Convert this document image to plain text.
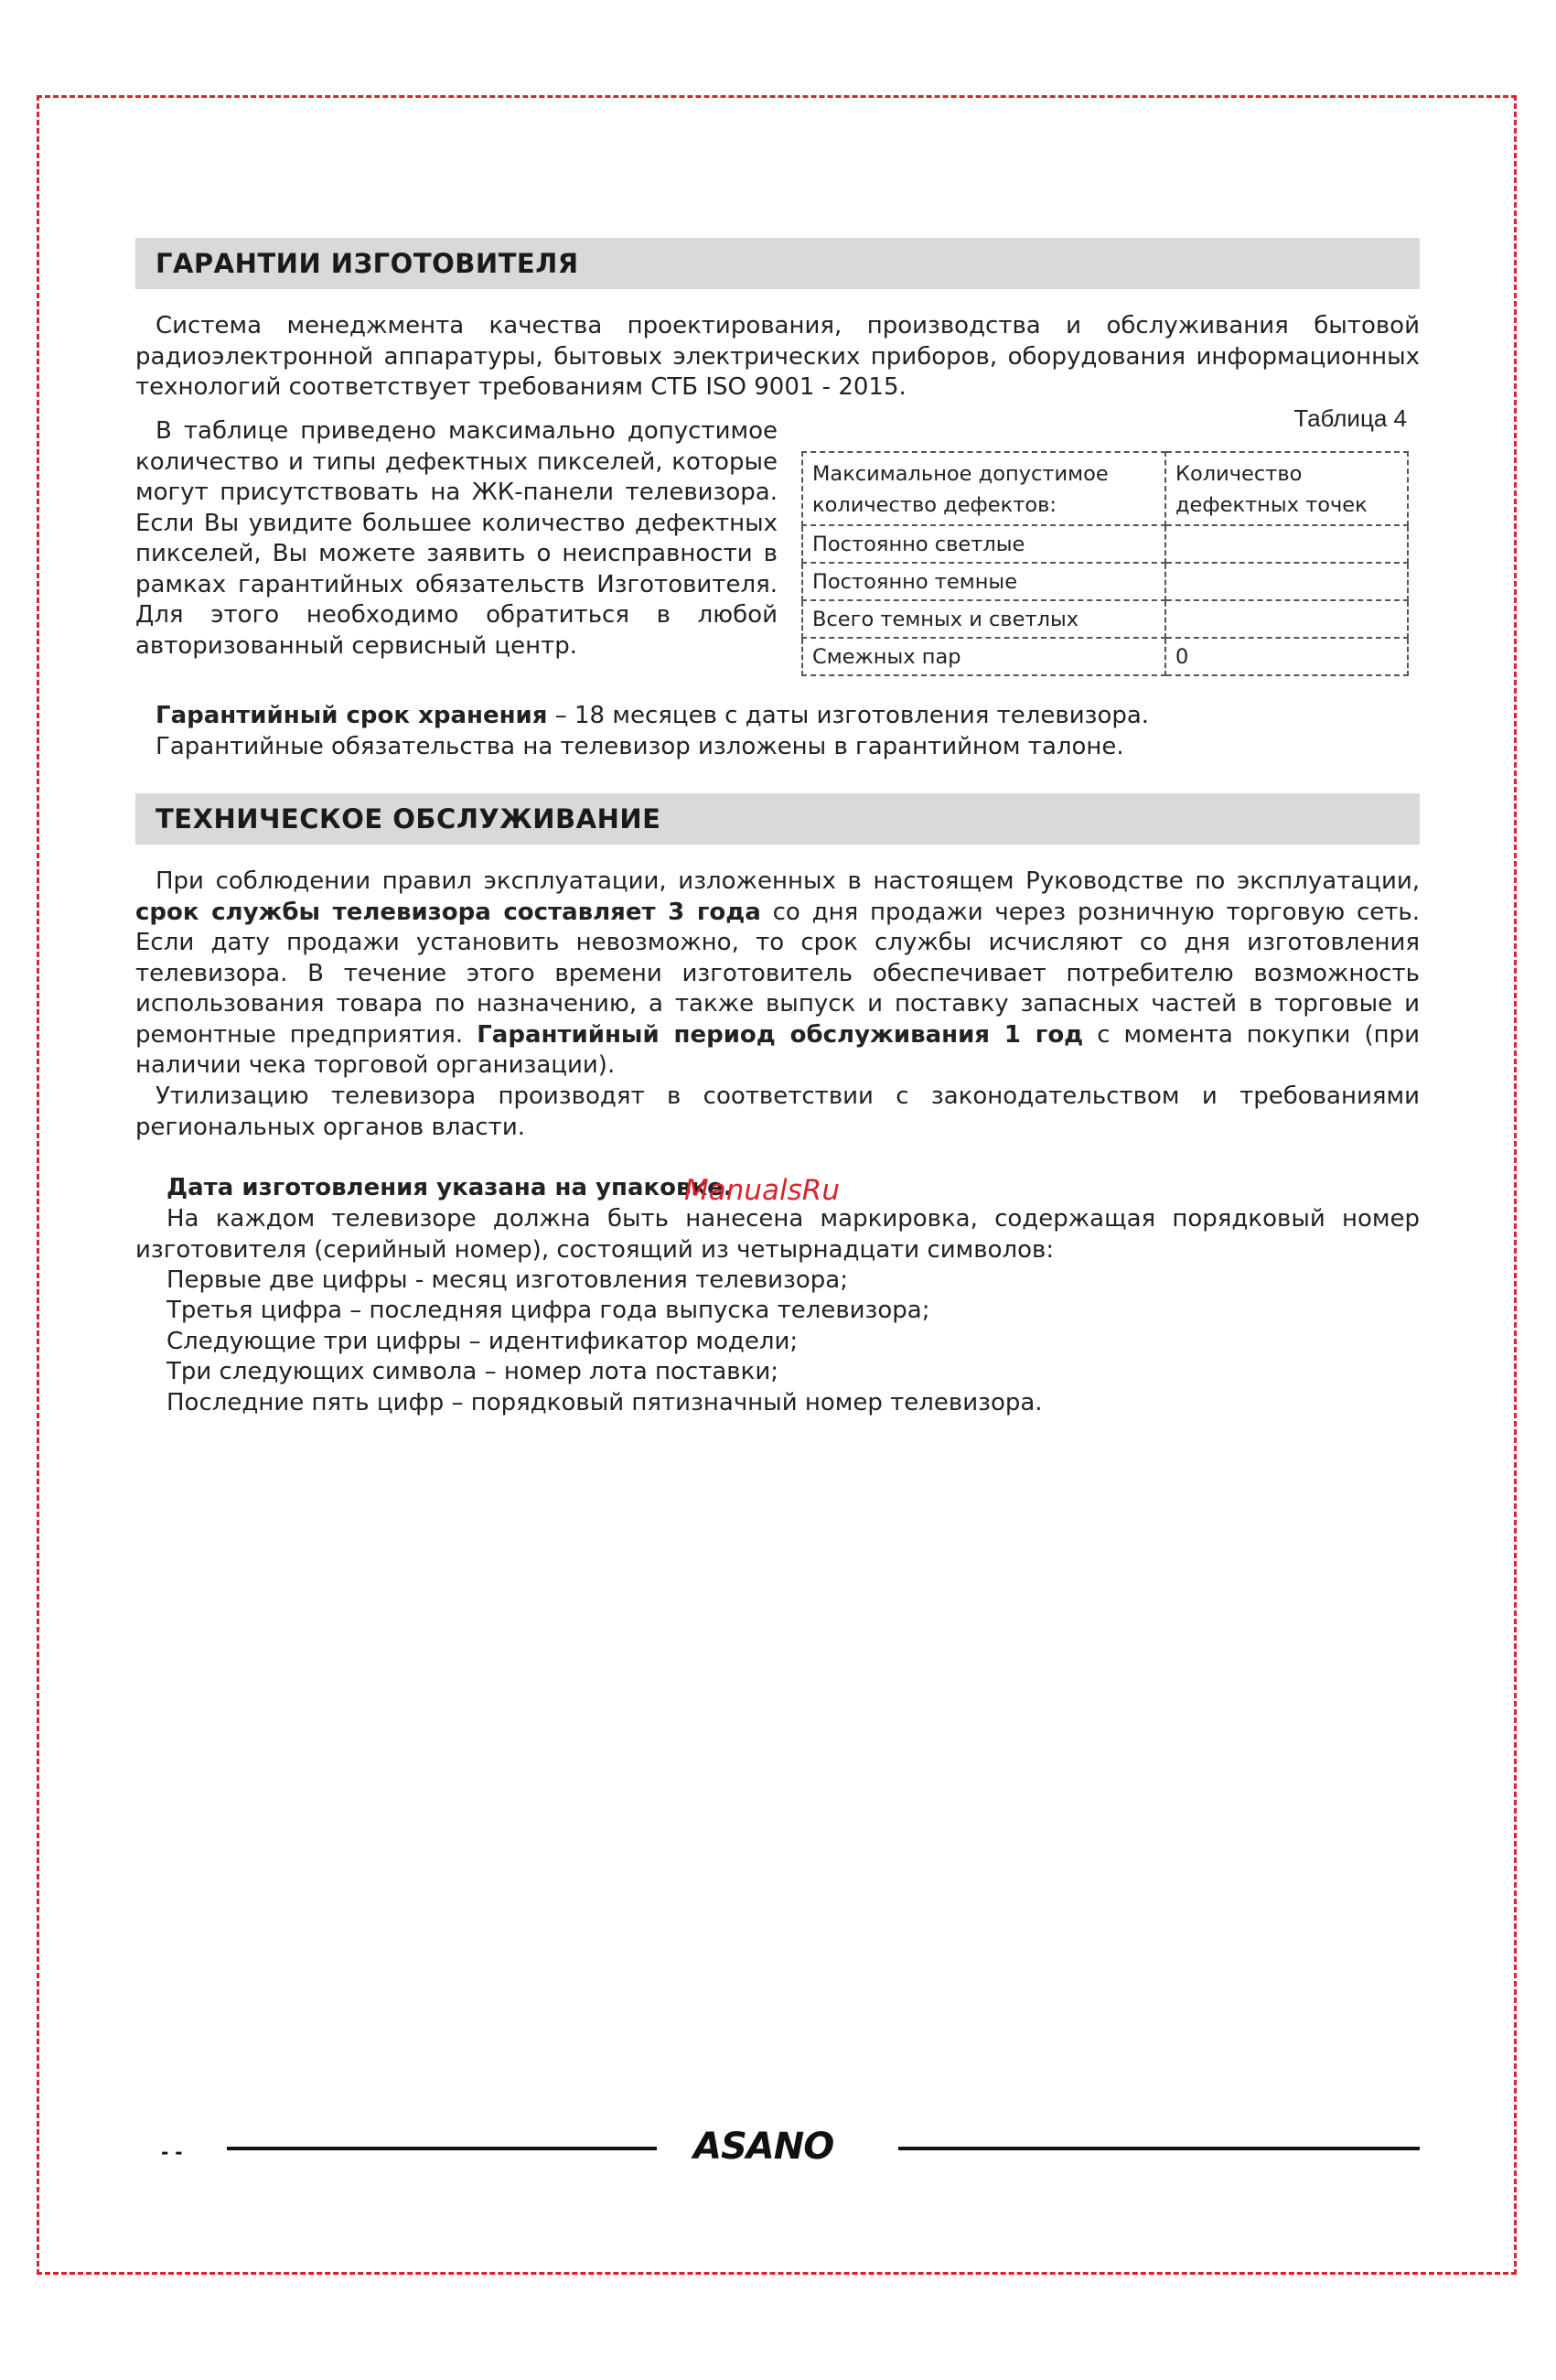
ГАРАНТИИ ИЗГОТОВИТЕЛЯ

Система менеджмента качества проектирования, производства и обслуживания бытовой радиоэлектронной аппаратуры, бытовых электрических приборов, оборудования информационных технологий соответствует требованиям СТБ ISO 9001 - 2015.

В таблице приведено максимально допустимое количество и типы дефектных пикселей, которые могут присутствовать на ЖК-панели телевизора. Если Вы увидите большее количество дефектных пикселей, Вы можете заявить о неисправности в рамках гарантийных обязательств Изготовителя. Для этого необходимо обратиться в любой авторизованный сервисный центр.

Таблица 4
Максимальное допустимое количество дефектов:	Количество дефектных точек
Постоянно светлые	
Постоянно темные	
Всего темных и светлых	
Смежных пар	0

Гарантийный срок хранения – 18 месяцев с даты изготовления телевизора.

Гарантийные обязательства на телевизор изложены в гарантийном талоне.

ТЕХНИЧЕСКОЕ ОБСЛУЖИВАНИЕ

При соблюдении правил эксплуатации, изложенных в настоящем Руководстве по эксплуатации, срок службы телевизора составляет 3 года со дня продажи через розничную торговую сеть. Если дату продажи установить невозможно, то срок службы исчисляют со дня изготовления телевизора. В течение этого времени изготовитель обеспечивает потребителю возможность использования товара по назначению, а также выпуск и поставку запасных частей в торговые и ремонтные предприятия. Гарантийный период обслуживания 1 год с момента покупки (при наличии чека торговой организации).

Утилизацию телевизора производят в соответствии с законодательством и требованиями региональных органов власти.

Дата изготовления указана на упаковке.

На каждом телевизоре должна быть нанесена маркировка, содержащая порядковый номер изготовителя (серийный номер), состоящий из четырнадцати символов:

Первые две цифры - месяц изготовления телевизора;
Третья цифра – последняя цифра года выпуска телевизора;
Следующие три цифры – идентификатор модели;
Три следующих символа – номер лота поставки;
Последние пять цифр – порядковый пятизначный номер телевизора.
ManualsRu
- -	ASANO
